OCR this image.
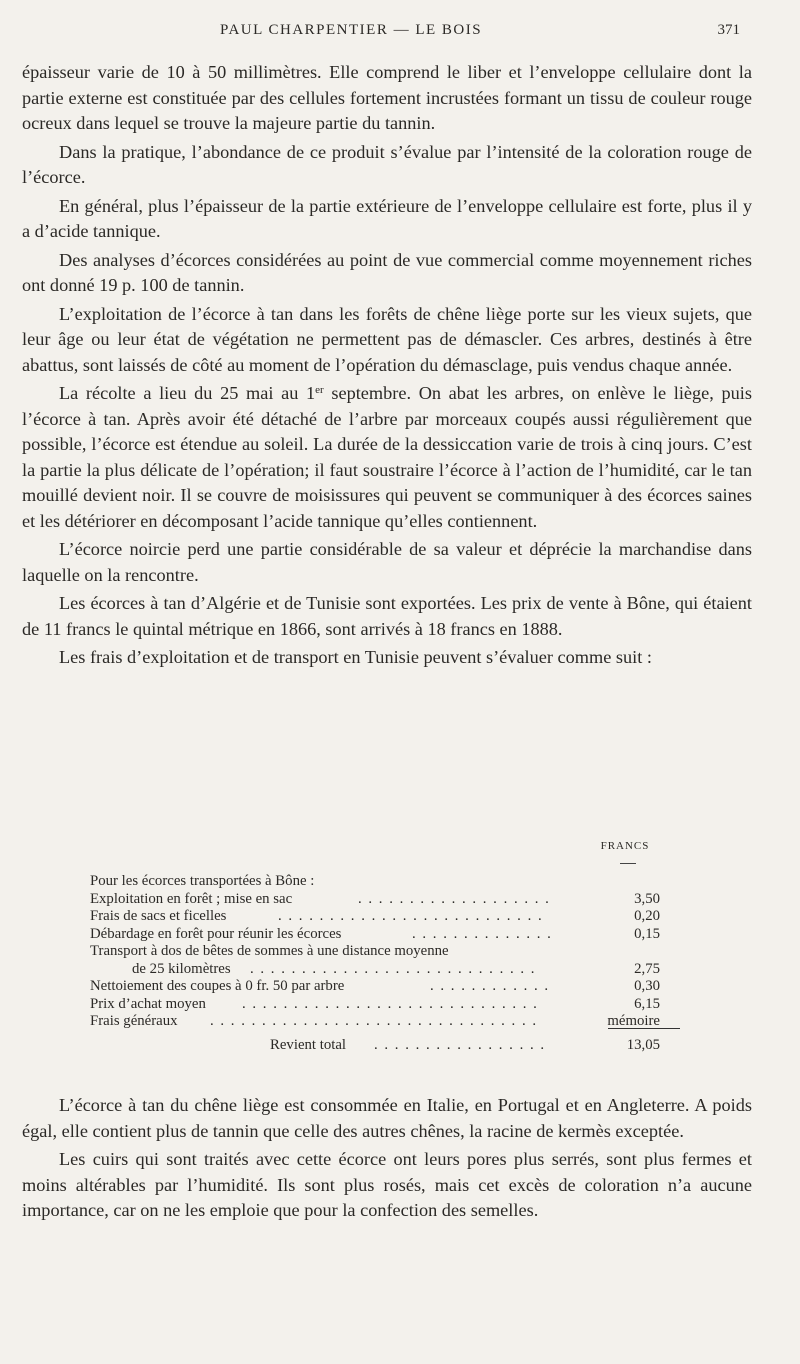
PAUL CHARPENTIER — LE BOIS	371

épaisseur varie de 10 à 50 millimètres. Elle comprend le liber et l’enveloppe cellulaire dont la partie externe est constituée par des cellules fortement incrustées formant un tissu de couleur rouge ocreux dans lequel se trouve la majeure partie du tannin.

Dans la pratique, l’abondance de ce produit s’évalue par l’intensité de la coloration rouge de l’écorce.

En général, plus l’épaisseur de la partie extérieure de l’enveloppe cellulaire est forte, plus il y a d’acide tannique.

Des analyses d’écorces considérées au point de vue commercial comme moyennement riches ont donné 19 p. 100 de tannin.

L’exploitation de l’écorce à tan dans les forêts de chêne liège porte sur les vieux sujets, que leur âge ou leur état de végétation ne permettent pas de démascler. Ces arbres, destinés à être abattus, sont laissés de côté au moment de l’opération du démasclage, puis vendus chaque année.

La récolte a lieu du 25 mai au 1er septembre. On abat les arbres, on enlève le liège, puis l’écorce à tan. Après avoir été détaché de l’arbre par morceaux coupés aussi régulièrement que possible, l’écorce est étendue au soleil. La durée de la dessiccation varie de trois à cinq jours. C’est la partie la plus délicate de l’opération; il faut soustraire l’écorce à l’action de l’humidité, car le tan mouillé devient noir. Il se couvre de moisissures qui peuvent se communiquer à des écorces saines et les détériorer en décomposant l’acide tannique qu’elles contiennent.

L’écorce noircie perd une partie considérable de sa valeur et déprécie la marchandise dans laquelle on la rencontre.

Les écorces à tan d’Algérie et de Tunisie sont exportées. Les prix de vente à Bône, qui étaient de 11 francs le quintal métrique en 1866, sont arrivés à 18 francs en 1888.

Les frais d’exploitation et de transport en Tunisie peuvent s’évaluer comme suit :

FRANCS
Pour les écorces transportées à Bône :
Exploitation en forêt ; mise en sac	. . . . . . . . . . . . . . . . . . .	3,50
Frais de sacs et ficelles	. . . . . . . . . . . . . . . . . . . . . . . . . .	0,20
Débardage en forêt pour réunir les écorces	. . . . . . . . . . . . . .	0,15
Transport à dos de bêtes de sommes à une distance moyenne
de 25 kilomètres . . . . . . . . . . . . . . . . . . . . . . . . . . . .	2,75
Nettoiement des coupes à 0 fr. 50 par arbre	. . . . . . . . . . . .	0,30
Prix d’achat moyen . . . . . . . . . . . . . . . . . . . . . . . . . . . . .	6,15
Frais généraux . . . . . . . . . . . . . . . . . . . . . . . . . . . . . . . .	mémoire
Revient total . . . . . . . . . . . . . . . . .	13,05

L’écorce à tan du chêne liège est consommée en Italie, en Portugal et en Angleterre. A poids égal, elle contient plus de tannin que celle des autres chênes, la racine de kermès exceptée.

Les cuirs qui sont traités avec cette écorce ont leurs pores plus serrés, sont plus fermes et moins altérables par l’humidité. Ils sont plus rosés, mais cet excès de coloration n’a aucune importance, car on ne les emploie que pour la confection des semelles.
